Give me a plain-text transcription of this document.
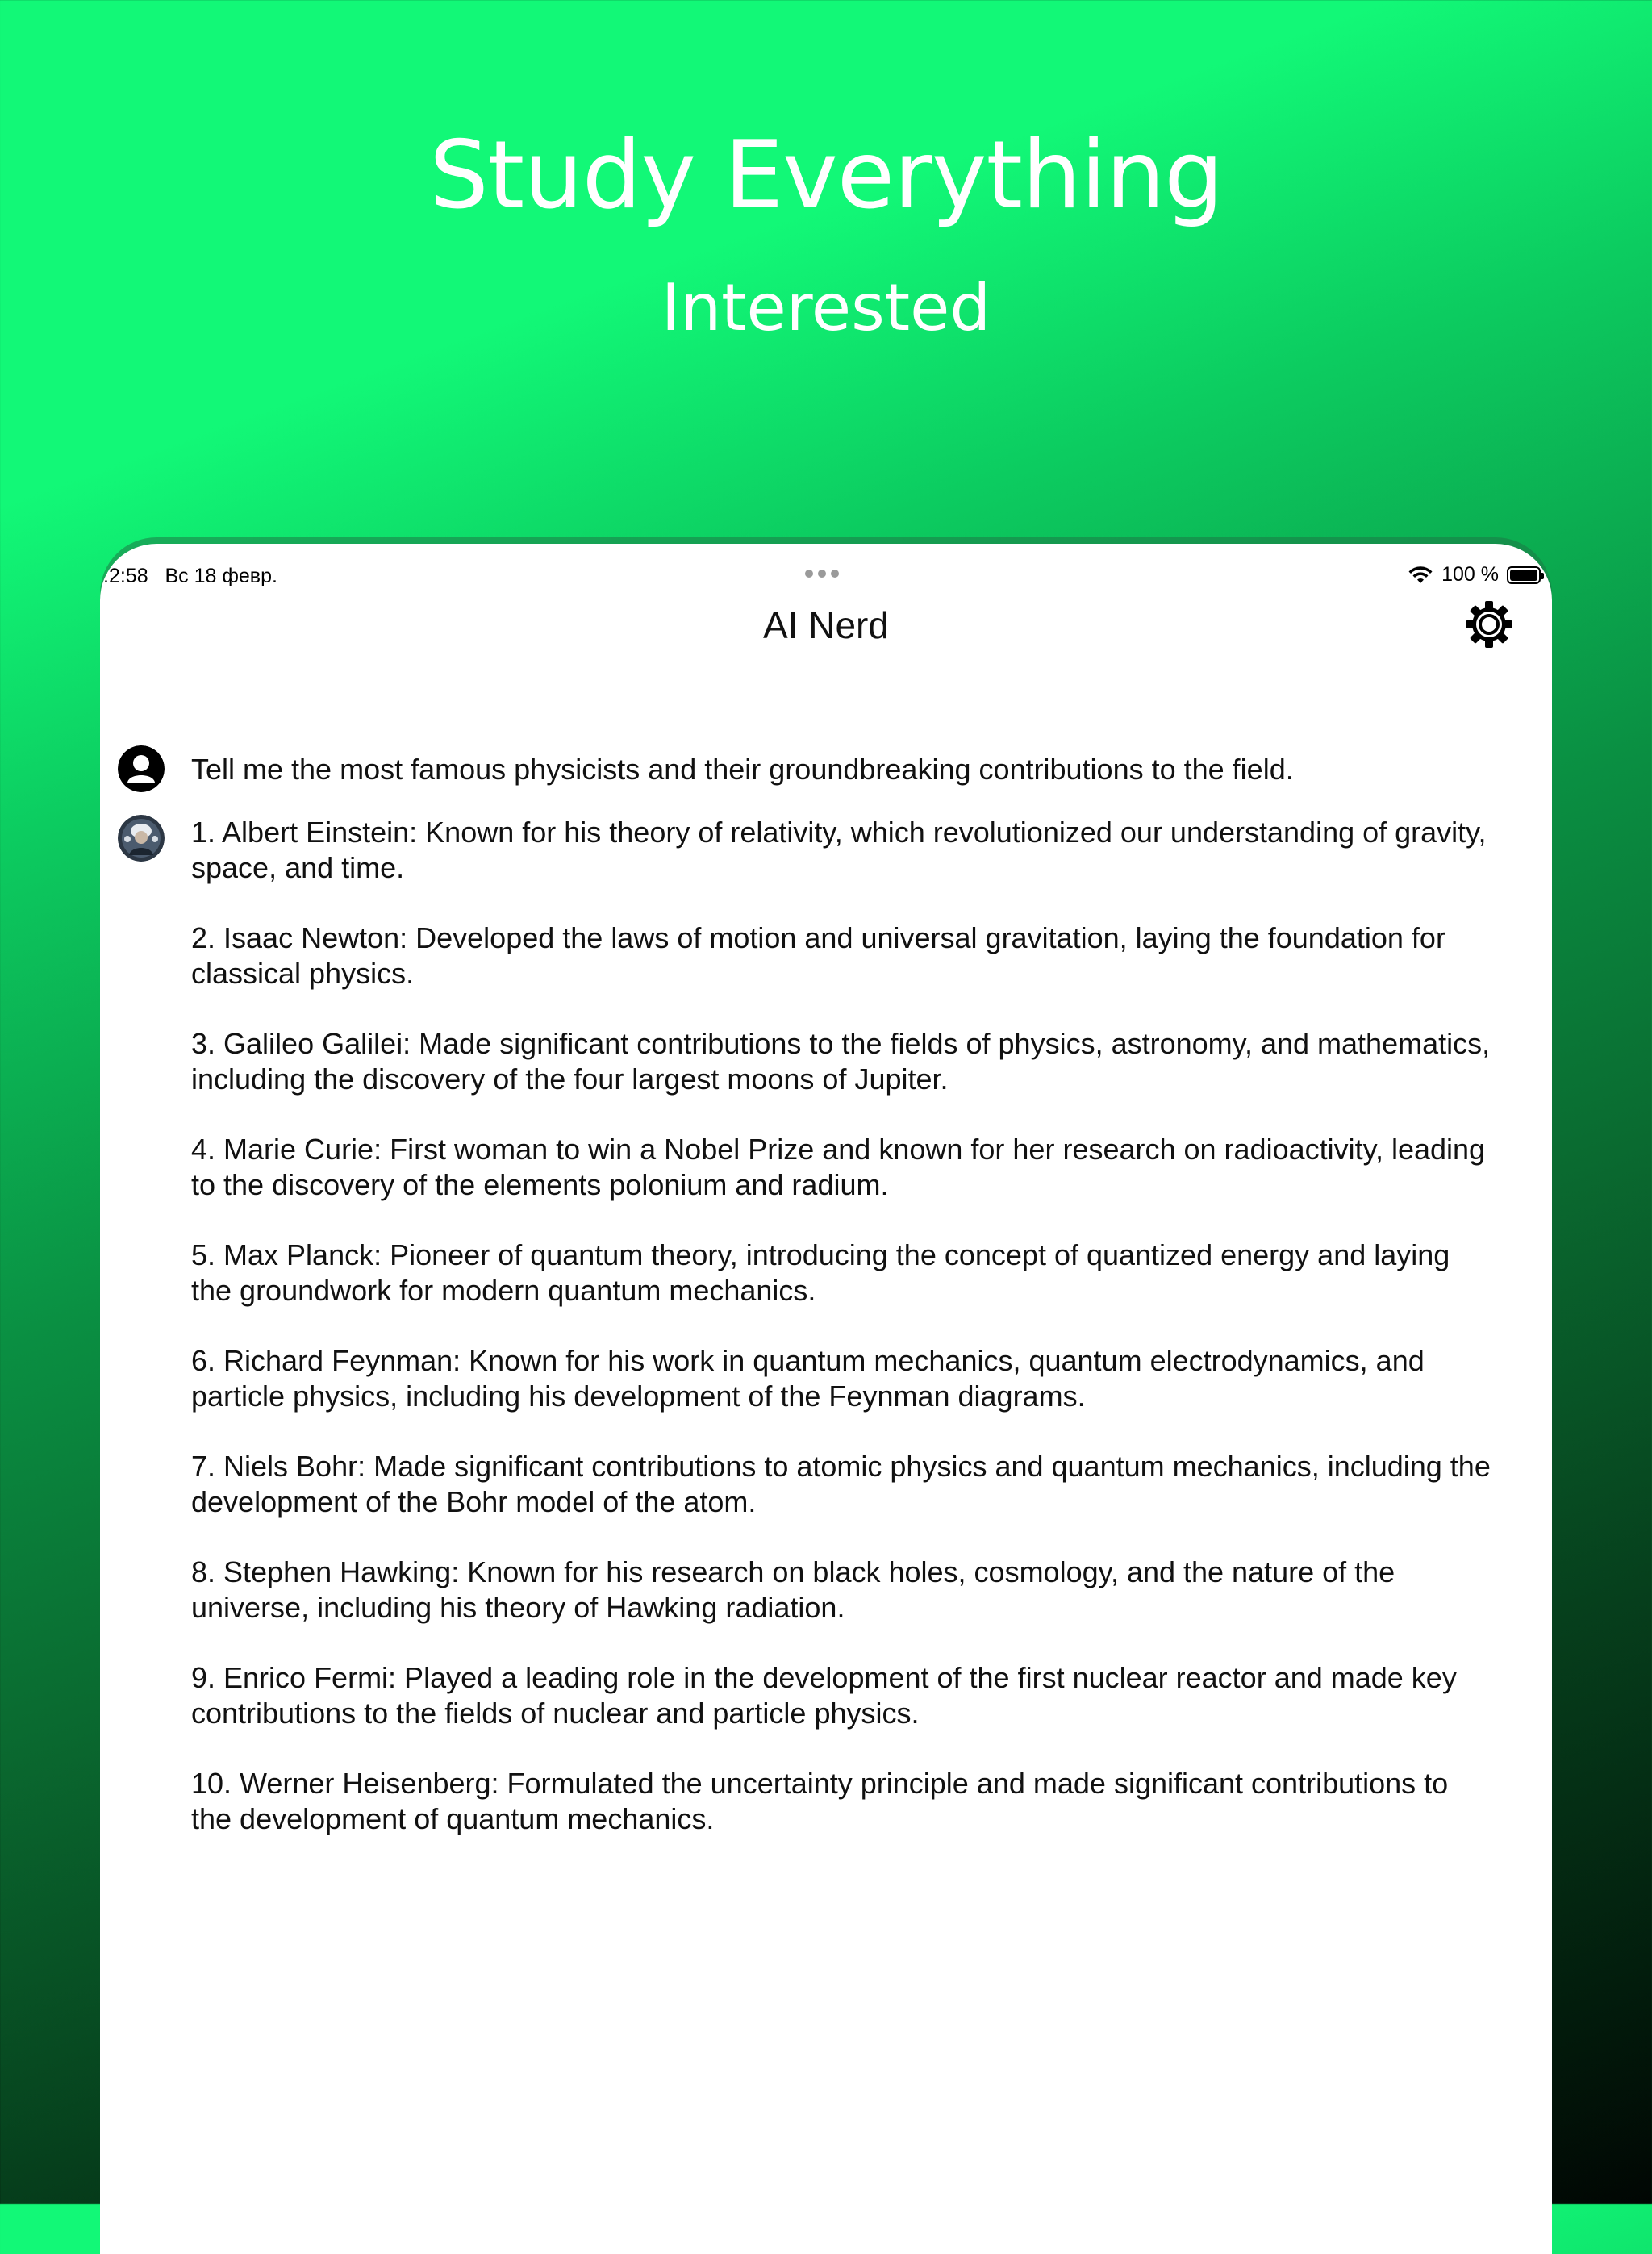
Study Everything
Interested
:2:58 Вс 18 февр.	100 %
AI Nerd

Tell me the most famous physicists and their groundbreaking contributions to the field.

1. Albert Einstein: Known for his theory of relativity, which revolutionized our understanding of gravity, space, and time.

2. Isaac Newton: Developed the laws of motion and universal gravitation, laying the foundation for classical physics.

3. Galileo Galilei: Made significant contributions to the fields of physics, astronomy, and mathematics, including the discovery of the four largest moons of Jupiter.

4. Marie Curie: First woman to win a Nobel Prize and known for her research on radioactivity, leading to the discovery of the elements polonium and radium.

5. Max Planck: Pioneer of quantum theory, introducing the concept of quantized energy and laying the groundwork for modern quantum mechanics.

6. Richard Feynman: Known for his work in quantum mechanics, quantum electrodynamics, and particle physics, including his development of the Feynman diagrams.

7. Niels Bohr: Made significant contributions to atomic physics and quantum mechanics, including the development of the Bohr model of the atom.

8. Stephen Hawking: Known for his research on black holes, cosmology, and the nature of the universe, including his theory of Hawking radiation.

9. Enrico Fermi: Played a leading role in the development of the first nuclear reactor and made key contributions to the fields of nuclear and particle physics.

10. Werner Heisenberg: Formulated the uncertainty principle and made significant contributions to the development of quantum mechanics.
